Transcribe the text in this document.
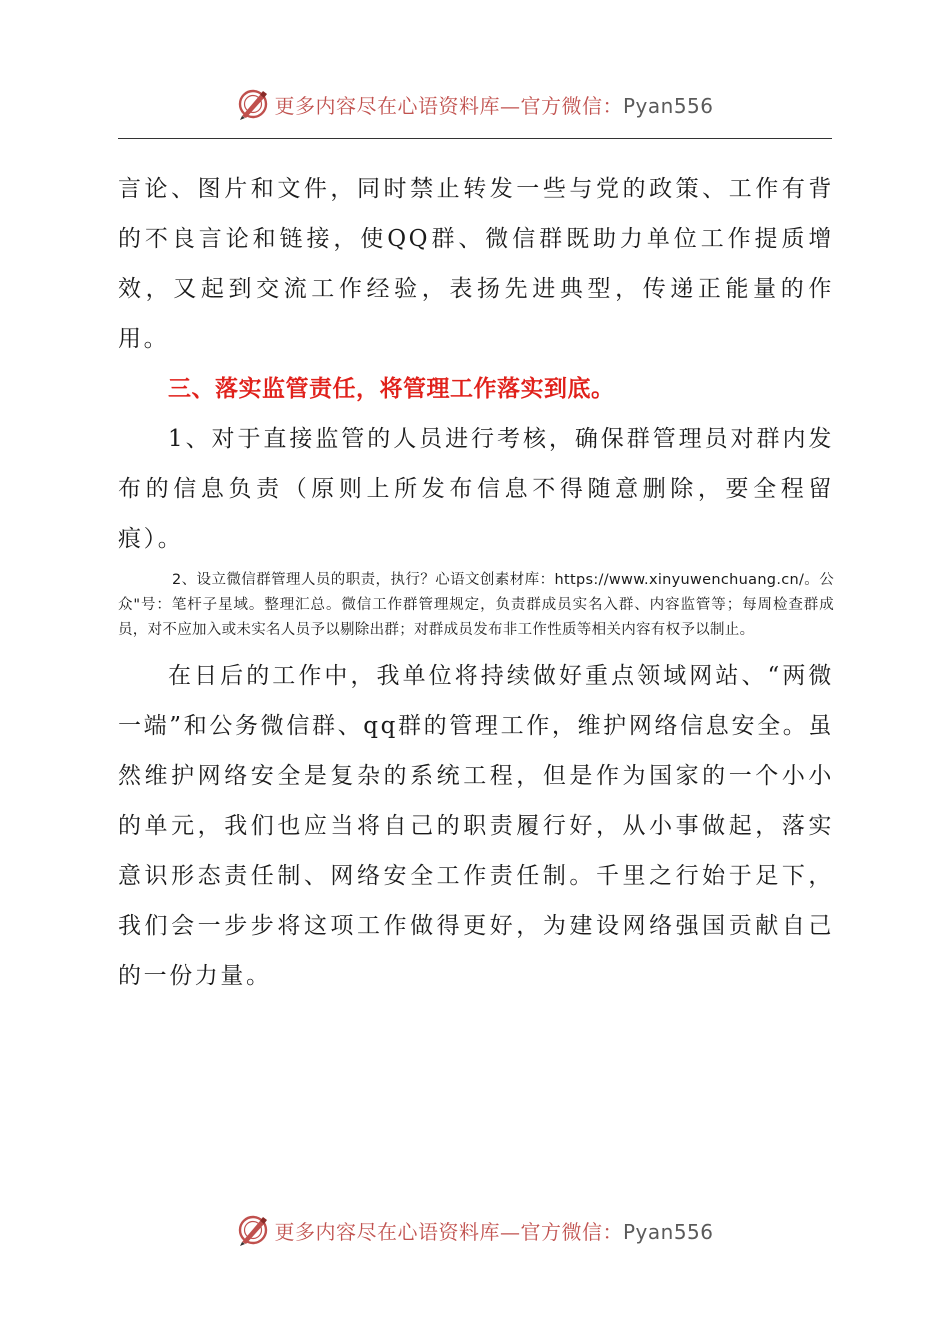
更多内容尽在心语资料库—官方微信：Pyan556

言论、图片和文件，同时禁止转发一些与党的政策、工作有背的不良言论和链接，使QQ群、微信群既助力单位工作提质增效，又起到交流工作经验，表扬先进典型，传递正能量的作用。

三、落实监管责任，将管理工作落实到底。

1、对于直接监管的人员进行考核，确保群管理员对群内发布的信息负责（原则上所发布信息不得随意删除，要全程留痕）。

2、设立微信群管理人员的职责，执行？心语文创素材库：https://www.xinyuwenchuang.cn/。公众"号：笔杆子星域。整理汇总。微信工作群管理规定，负责群成员实名入群、内容监管等；每周检查群成员，对不应加入或未实名人员予以剔除出群；对群成员发布非工作性质等相关内容有权予以制止。

在日后的工作中，我单位将持续做好重点领域网站、“两微一端”和公务微信群、qq群的管理工作，维护网络信息安全。虽然维护网络安全是复杂的系统工程，但是作为国家的一个小小的单元，我们也应当将自己的职责履行好，从小事做起，落实意识形态责任制、网络安全工作责任制。千里之行始于足下，我们会一步步将这项工作做得更好，为建设网络强国贡献自己的一份力量。

更多内容尽在心语资料库—官方微信：Pyan556
